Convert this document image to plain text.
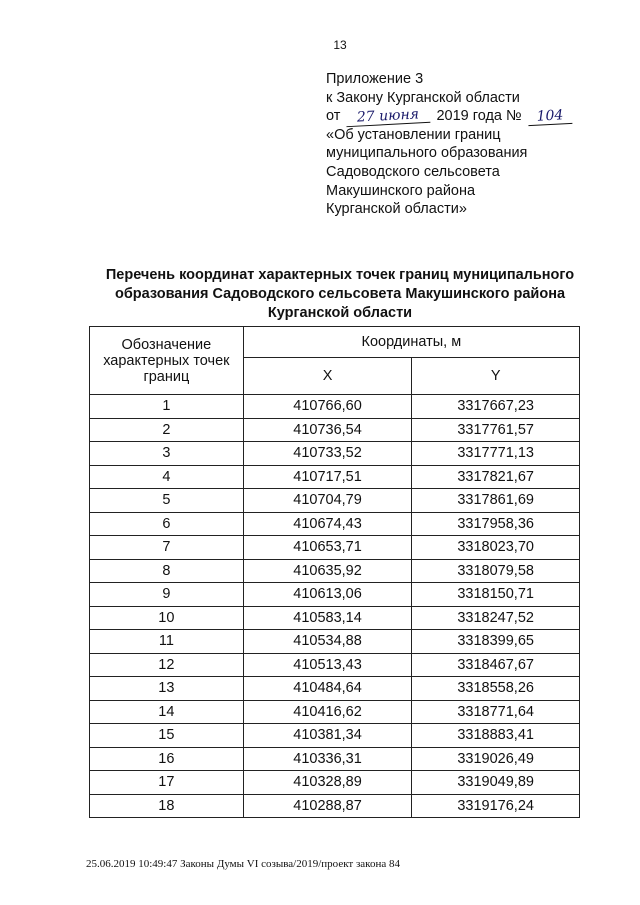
13
Приложение 3
к Закону Курганской области
от 27 июня 2019 года № 104
«Об установлении границ
муниципального образования
Садоводского сельсовета
Макушинского района
Курганской области»
Перечень координат характерных точек границ муниципального
образования Садоводского сельсовета Макушинского района
Курганской области
Обозначение характерных точек границ	Координаты, м	
	X	Y
1	410766,60	3317667,23
2	410736,54	3317761,57
3	410733,52	3317771,13
4	410717,51	3317821,67
5	410704,79	3317861,69
6	410674,43	3317958,36
7	410653,71	3318023,70
8	410635,92	3318079,58
9	410613,06	3318150,71
10	410583,14	3318247,52
11	410534,88	3318399,65
12	410513,43	3318467,67
13	410484,64	3318558,26
14	410416,62	3318771,64
15	410381,34	3318883,41
16	410336,31	3319026,49
17	410328,89	3319049,89
18	410288,87	3319176,24
25.06.2019 10:49:47 Законы Думы VI созыва/2019/проект закона 84
